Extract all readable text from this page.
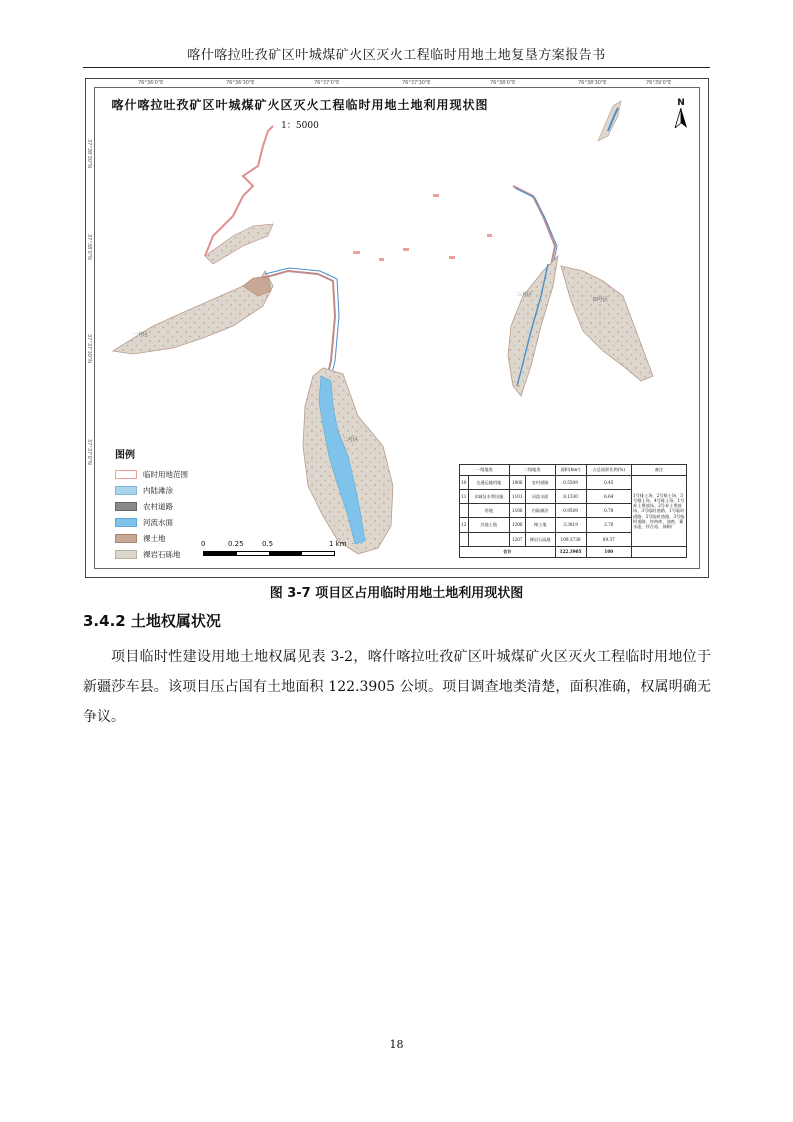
喀什喀拉吐孜矿区叶城煤矿火区灭火工程临时用地土地复垦方案报告书
76°36'0"E	76°36'30"E	76°37'0"E	76°37'30"E	76°38'0"E	76°38'30"E	76°39'0"E
37°38'30"N
37°38'0"N
37°37'30"N
37°37'0"N
一号区
二号区
三号区
四号区
喀什喀拉吐孜矿区叶城煤矿火区灭火工程临时用地土地利用现状图
1：5000
N
图例
临时用地范围
内陆滩涂
农村道路
河流水面
裸土地
裸岩石砾地
0	0.25	0.5	1 km
一级地类		二级地类		面积(hm²)	占总面积比例(%)	备注
10	交通运输用地	1006	农村道路	0.5509	0.45	1号排土场、2号排土场、3号排土场、4号排土场、1号弃土堆放场、2号弃土堆放场、3号临时道路、1号临时道路、2号临时道路、3号临时道路、炸药库、油库、蓄水池、拌合站、预制厂
11	水域及水利设施	1101	河流水面	8.1330	6.64	
	用地	1106	内陆滩涂	0.9509	0.78	
12	其他土地	1206	裸土地	3.3819	2.76	
		1207	裸岩石砾地	109.3738	89.37	
合计				122.3905	100	
图 3-7 项目区占用临时用地土地利用现状图
3.4.2 土地权属状况
项目临时性建设用地土地权属见表 3-2，喀什喀拉吐孜矿区叶城煤矿火区灭火工程临时用地位于新疆莎车县。该项目压占国有土地面积 122.3905 公顷。项目调查地类清楚，面积准确，权属明确无争议。
18
